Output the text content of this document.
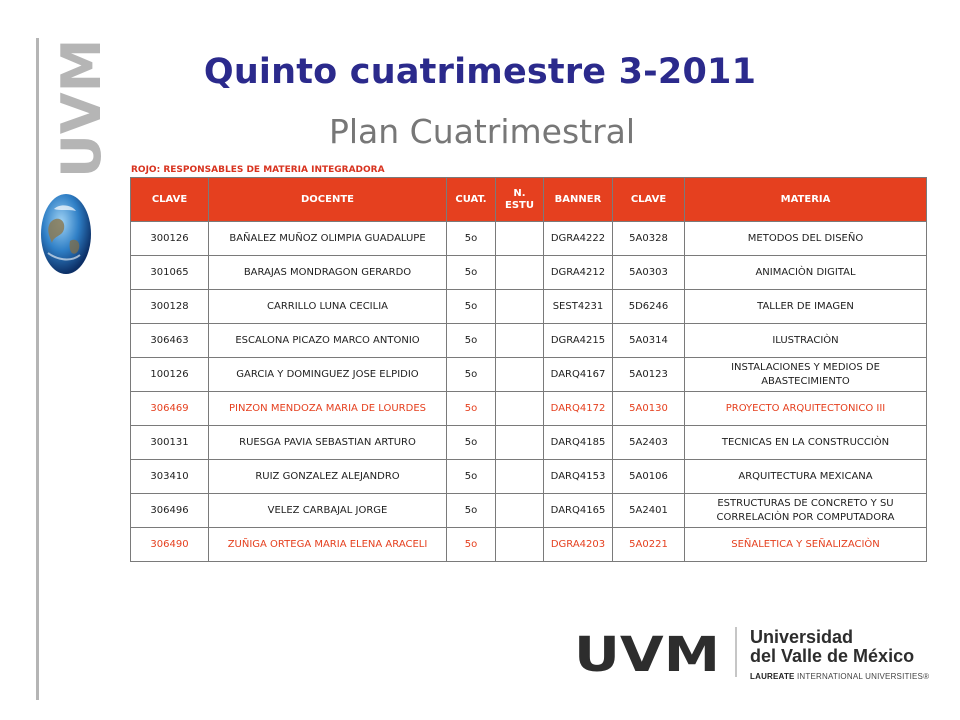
UVM	Quinto cuatrimestre 3-2011
Plan Cuatrimestral
ROJO: RESPONSABLES DE MATERIA INTEGRADORA
CLAVE	DOCENTE	CUAT.	N. ESTU	BANNER	CLAVE	MATERIA
300126	BAÑALEZ MUÑOZ OLIMPIA GUADALUPE	5o		DGRA4222	5A0328	METODOS DEL DISEÑO
301065	BARAJAS MONDRAGON GERARDO	5o		DGRA4212	5A0303	ANIMACIÒN DIGITAL
300128	CARRILLO LUNA CECILIA	5o		SEST4231	5D6246	TALLER DE IMAGEN
306463	ESCALONA PICAZO MARCO ANTONIO	5o		DGRA4215	5A0314	ILUSTRACIÒN
100126	GARCIA Y DOMINGUEZ JOSE ELPIDIO	5o		DARQ4167	5A0123	INSTALACIONES Y MEDIOS DE ABASTECIMIENTO
306469	PINZON MENDOZA MARIA DE LOURDES	5o		DARQ4172	5A0130	PROYECTO ARQUITECTONICO III
300131	RUESGA PAVIA SEBASTIAN ARTURO	5o		DARQ4185	5A2403	TECNICAS EN LA CONSTRUCCIÒN
303410	RUIZ GONZALEZ ALEJANDRO	5o		DARQ4153	5A0106	ARQUITECTURA MEXICANA
306496	VELEZ CARBAJAL JORGE	5o		DARQ4165	5A2401	ESTRUCTURAS DE CONCRETO Y SU CORRELACIÒN POR COMPUTADORA
306490	ZUÑIGA ORTEGA MARIA ELENA ARACELI	5o		DGRA4203	5A0221	SEÑALETICA Y SEÑALIZACIÒN
UVM Universidad
del Valle de México
LAUREATE INTERNATIONAL UNIVERSITIES®
